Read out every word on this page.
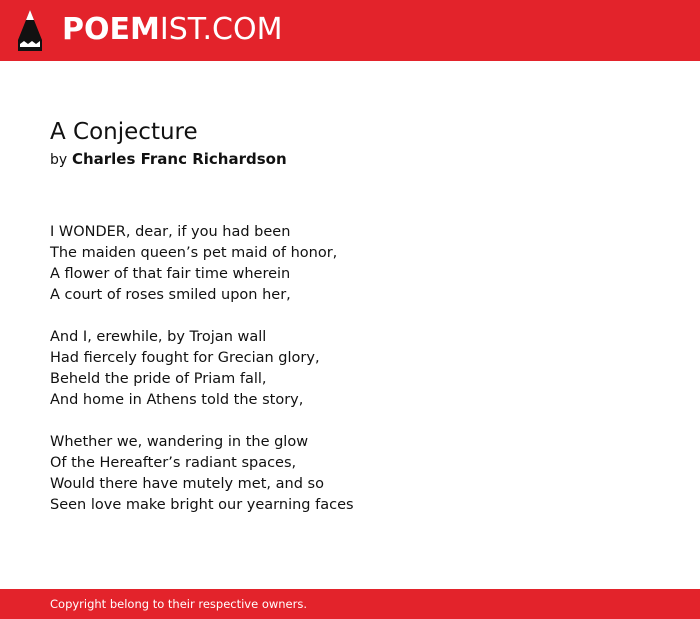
POEMIST.COM
A Conjecture
by Charles Franc Richardson
I WONDER, dear, if you had been
The maiden queen’s pet maid of honor,
A flower of that fair time wherein
A court of roses smiled upon her,
And I, erewhile, by Trojan wall
Had fiercely fought for Grecian glory,
Beheld the pride of Priam fall,
And home in Athens told the story,
Whether we, wandering in the glow
Of the Hereafter’s radiant spaces,
Would there have mutely met, and so
Seen love make bright our yearning faces
Copyright belong to their respective owners.
